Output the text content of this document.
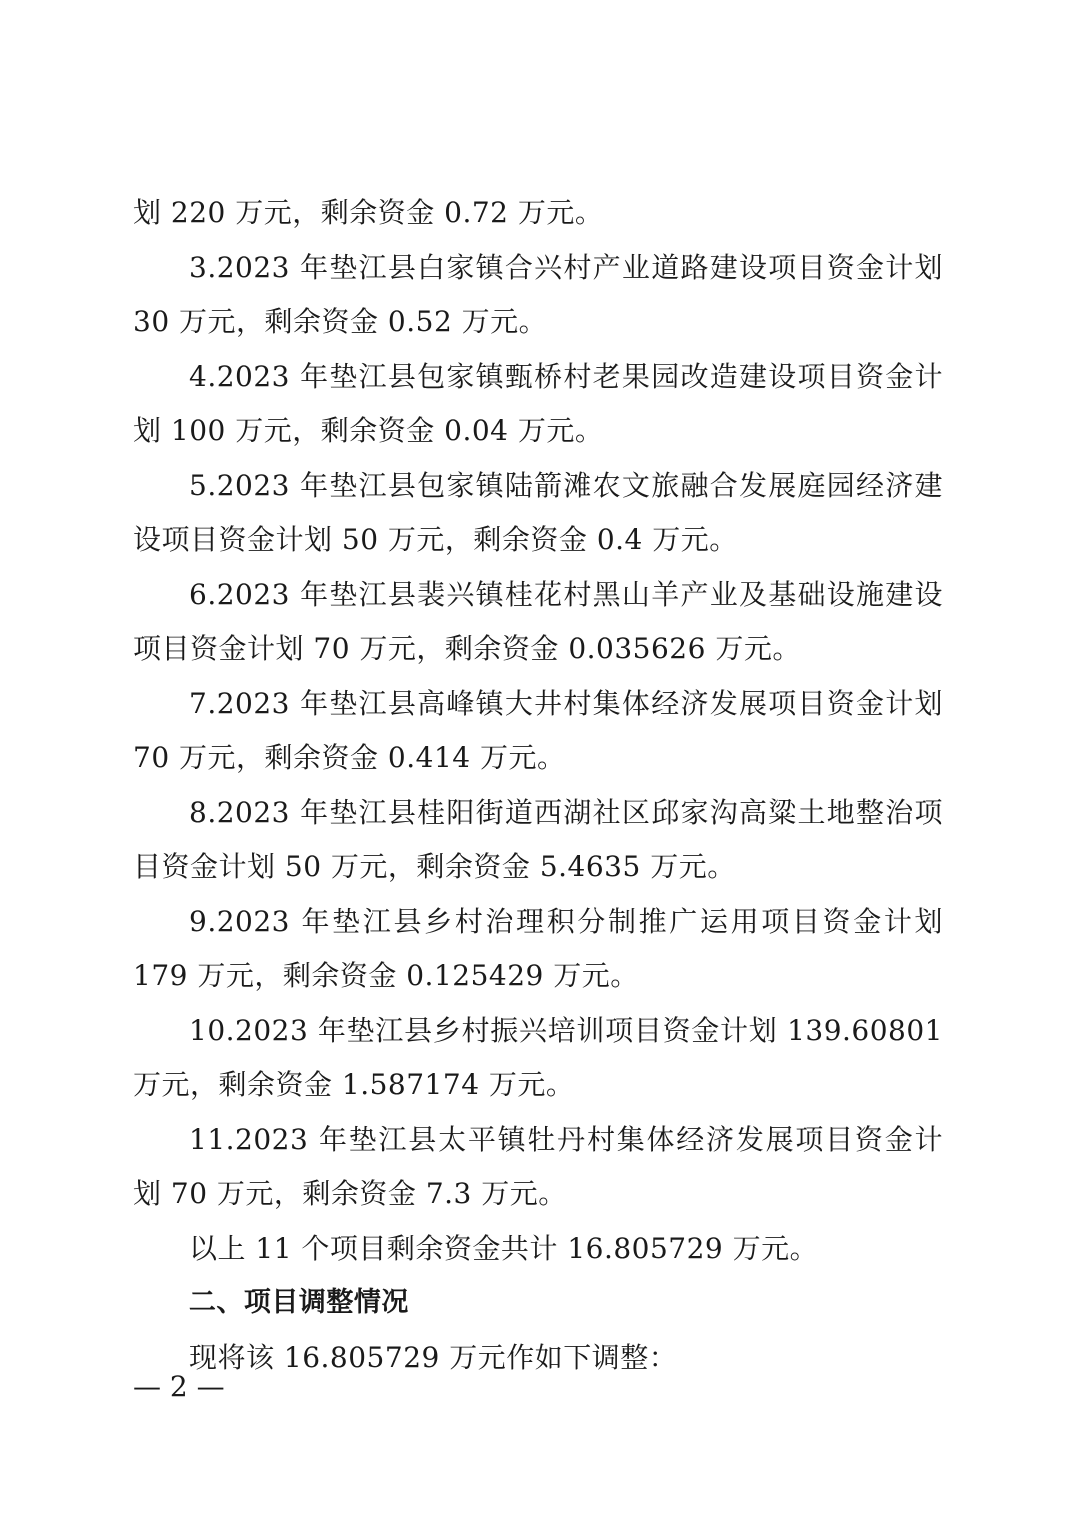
划 220 万元，剩余资金 0.72 万元。

3.2023 年垫江县白家镇合兴村产业道路建设项目资金计划 30 万元，剩余资金 0.52 万元。

4.2023 年垫江县包家镇甄桥村老果园改造建设项目资金计划 100 万元，剩余资金 0.04 万元。

5.2023 年垫江县包家镇陆箭滩农文旅融合发展庭园经济建设项目资金计划 50 万元，剩余资金 0.4 万元。

6.2023 年垫江县裴兴镇桂花村黑山羊产业及基础设施建设项目资金计划 70 万元，剩余资金 0.035626 万元。

7.2023 年垫江县高峰镇大井村集体经济发展项目资金计划 70 万元，剩余资金 0.414 万元。

8.2023 年垫江县桂阳街道西湖社区邱家沟高粱土地整治项目资金计划 50 万元，剩余资金 5.4635 万元。

9.2023 年垫江县乡村治理积分制推广运用项目资金计划 179 万元，剩余资金 0.125429 万元。

10.2023 年垫江县乡村振兴培训项目资金计划 139.60801 万元，剩余资金 1.587174 万元。

11.2023 年垫江县太平镇牡丹村集体经济发展项目资金计划 70 万元，剩余资金 7.3 万元。

以上 11 个项目剩余资金共计 16.805729 万元。

二、项目调整情况

现将该 16.805729 万元作如下调整：

— 2 —
